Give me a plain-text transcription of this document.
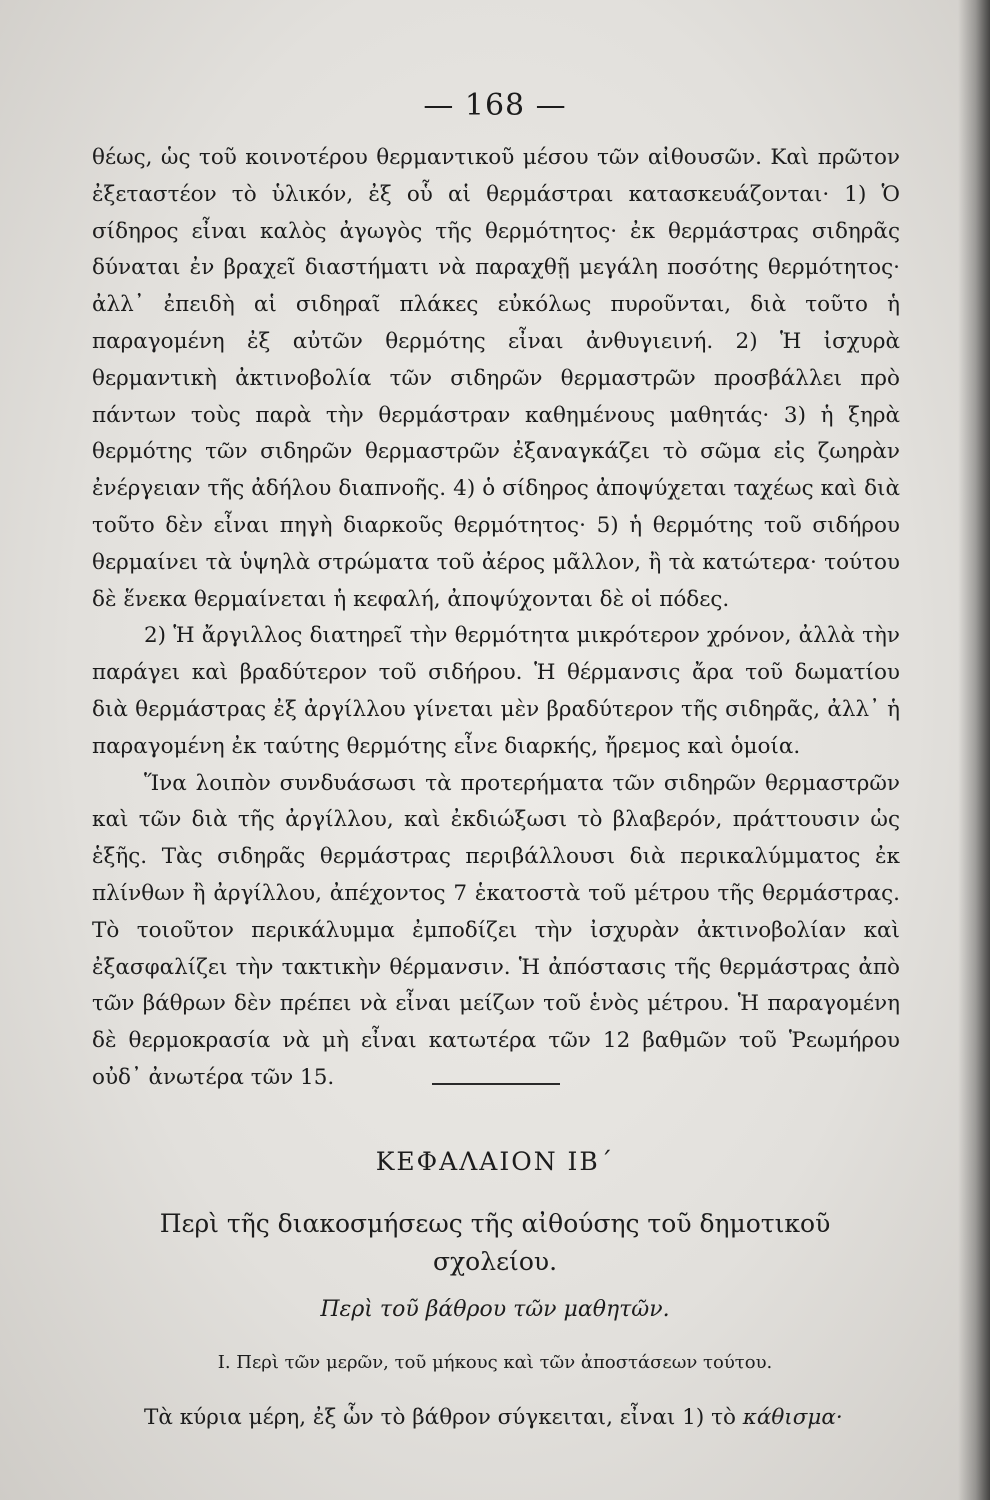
— 168 —

θέως, ὡς τοῦ κοινοτέρου θερμαντικοῦ μέσου τῶν αἰθουσῶν. Καὶ πρῶτον ἐξεταστέον τὸ ὑλικόν, ἐξ οὗ αἱ θερμάστραι κατασκευάζονται· 1) Ὁ σίδηρος εἶναι καλὸς ἀγωγὸς τῆς θερμότητος· ἐκ θερμάστρας σιδηρᾶς δύναται ἐν βραχεῖ διαστήματι νὰ παραχθῇ μεγάλη ποσότης θερμότητος· ἀλλ᾽ ἐπειδὴ αἱ σιδηραῖ πλάκες εὐκόλως πυροῦνται, διὰ τοῦτο ἡ παραγομένη ἐξ αὐτῶν θερμότης εἶναι ἀνθυγιεινή. 2) Ἡ ἰσχυρὰ θερμαντικὴ ἀκτινοβολία τῶν σιδηρῶν θερμαστρῶν προσβάλλει πρὸ πάντων τοὺς παρὰ τὴν θερμάστραν καθημένους μαθητάς· 3) ἡ ξηρὰ θερμότης τῶν σιδηρῶν θερμαστρῶν ἐξαναγκάζει τὸ σῶμα εἰς ζωηρὰν ἐνέργειαν τῆς ἀδήλου διαπνοῆς. 4) ὁ σίδηρος ἀποψύχεται ταχέως καὶ διὰ τοῦτο δὲν εἶναι πηγὴ διαρκοῦς θερμότητος· 5) ἡ θερμότης τοῦ σιδήρου θερμαίνει τὰ ὑψηλὰ στρώματα τοῦ ἀέρος μᾶλλον, ἢ τὰ κατώτερα· τούτου δὲ ἕνεκα θερμαίνεται ἡ κεφαλή, ἀποψύχονται δὲ οἱ πόδες.

2) Ἡ ἄργιλλος διατηρεῖ τὴν θερμότητα μικρότερον χρόνον, ἀλλὰ τὴν παράγει καὶ βραδύτερον τοῦ σιδήρου. Ἡ θέρμανσις ἄρα τοῦ δωματίου διὰ θερμάστρας ἐξ ἀργίλλου γίνεται μὲν βραδύτερον τῆς σιδηρᾶς, ἀλλ᾽ ἡ παραγομένη ἐκ ταύτης θερμότης εἶνε διαρκής, ἤρεμος καὶ ὁμοία.

Ἵνα λοιπὸν συνδυάσωσι τὰ προτερήματα τῶν σιδηρῶν θερμαστρῶν καὶ τῶν διὰ τῆς ἀργίλλου, καὶ ἐκδιώξωσι τὸ βλαβερόν, πράττουσιν ὡς ἑξῆς. Τὰς σιδηρᾶς θερμάστρας περιβάλλουσι διὰ περικαλύμματος ἐκ πλίνθων ἢ ἀργίλλου, ἀπέχοντος 7 ἑκατοστὰ τοῦ μέτρου τῆς θερμάστρας. Τὸ τοιοῦτον περικάλυμμα ἐμποδίζει τὴν ἰσχυρὰν ἀκτινοβολίαν καὶ ἐξασφαλίζει τὴν τακτικὴν θέρμανσιν. Ἡ ἀπόστασις τῆς θερμάστρας ἀπὸ τῶν βάθρων δὲν πρέπει νὰ εἶναι μείζων τοῦ ἑνὸς μέτρου. Ἡ παραγομένη δὲ θερμοκρασία νὰ μὴ εἶναι κατωτέρα τῶν 12 βαθμῶν τοῦ Ῥεωμήρου οὐδ᾽ ἀνωτέρα τῶν 15.

ΚΕΦΑΛΑΙΟΝ ΙΒ΄
Περὶ τῆς διακοσμήσεως τῆς αἰθούσης τοῦ δημοτικοῦ σχολείου.
Περὶ τοῦ βάθρου τῶν μαθητῶν.
Ι. Περὶ τῶν μερῶν, τοῦ μήκους καὶ τῶν ἀποστάσεων τούτου.
Τὰ κύρια μέρη, ἐξ ὧν τὸ βάθρον σύγκειται, εἶναι 1) τὸ κάθισμα·
